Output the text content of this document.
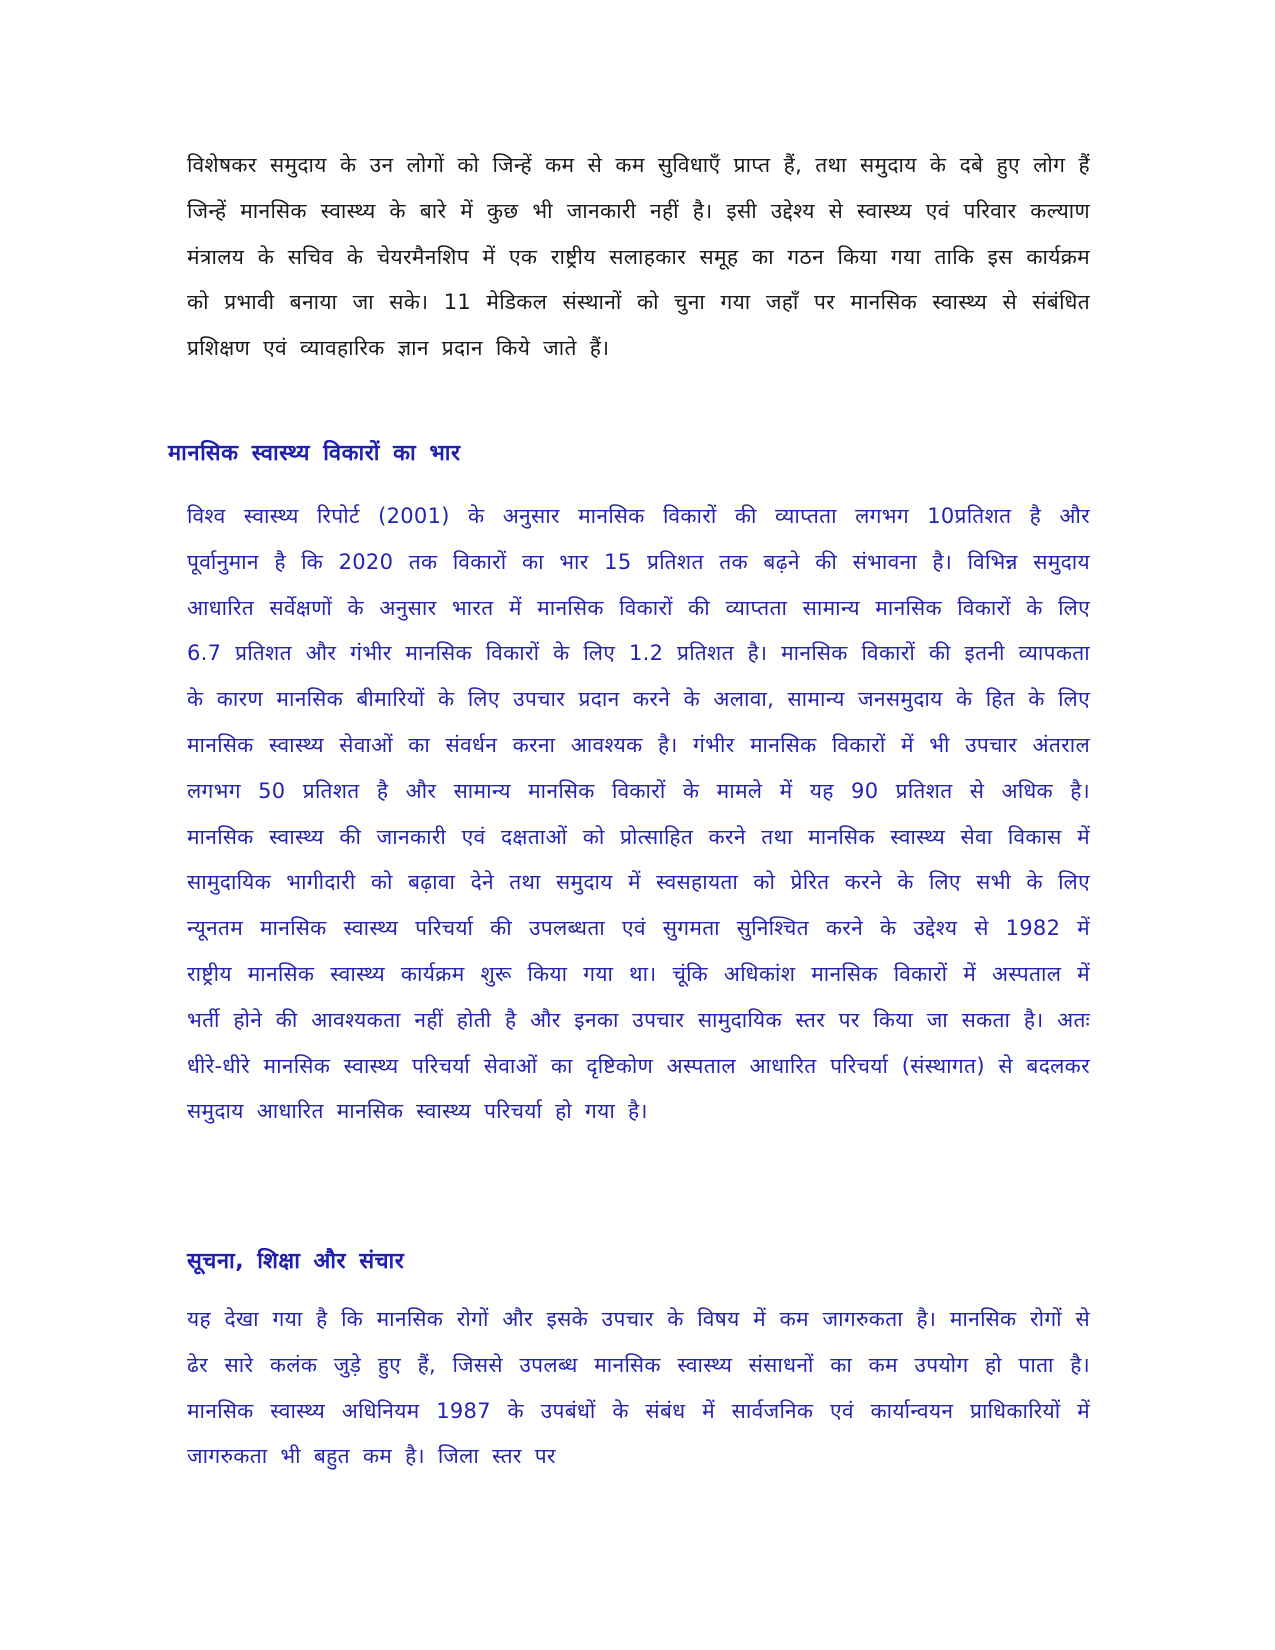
विशेषकर समुदाय के उन लोगों को जिन्हें कम से कम सुविधाएँ प्राप्त हैं, तथा समुदाय के दबे हुए लोग हैं जिन्हें मानसिक स्वास्थ्य के बारे में कुछ भी जानकारी नहीं है। इसी उद्देश्य से स्वास्थ्य एवं परिवार कल्याण मंत्रालय के सचिव के चेयरमैनशिप में एक राष्ट्रीय सलाहकार समूह का गठन किया गया ताकि इस कार्यक्रम को प्रभावी बनाया जा सके। 11 मेडिकल संस्थानों को चुना गया जहाँ पर मानसिक स्वास्थ्य से संबंधित प्रशिक्षण एवं व्यावहारिक ज्ञान प्रदान किये जाते हैं।

मानसिक स्वास्थ्य विकारों का भार

विश्व स्वास्थ्य रिपोर्ट (2001) के अनुसार मानसिक विकारों की व्याप्तता लगभग 10प्रतिशत है और पूर्वानुमान है कि 2020 तक विकारों का भार 15 प्रतिशत तक बढ़ने की संभावना है। विभिन्न समुदाय आधारित सर्वेक्षणों के अनुसार भारत में मानसिक विकारों की व्याप्तता सामान्य मानसिक विकारों के लिए 6.7 प्रतिशत और गंभीर मानसिक विकारों के लिए 1.2 प्रतिशत है। मानसिक विकारों की इतनी व्यापकता के कारण मानसिक बीमारियों के लिए उपचार प्रदान करने के अलावा, सामान्य जनसमुदाय के हित के लिए मानसिक स्वास्थ्य सेवाओं का संवर्धन करना आवश्यक है। गंभीर मानसिक विकारों में भी उपचार अंतराल लगभग 50 प्रतिशत है और सामान्य मानसिक विकारों के मामले में यह 90 प्रतिशत से अधिक है। मानसिक स्वास्थ्य की जानकारी एवं दक्षताओं को प्रोत्साहित करने तथा मानसिक स्वास्थ्य सेवा विकास में सामुदायिक भागीदारी को बढ़ावा देने तथा समुदाय में स्वसहायता को प्रेरित करने के लिए सभी के लिए न्यूनतम मानसिक स्वास्थ्य परिचर्या की उपलब्धता एवं सुगमता सुनिश्चित करने के उद्देश्य से 1982 में राष्ट्रीय मानसिक स्वास्थ्य कार्यक्रम शुरू किया गया था। चूंकि अधिकांश मानसिक विकारों में अस्पताल में भर्ती होने की आवश्यकता नहीं होती है और इनका उपचार सामुदायिक स्तर पर किया जा सकता है। अतः धीरे-धीरे मानसिक स्वास्थ्य परिचर्या सेवाओं का दृष्टिकोण अस्पताल आधारित परिचर्या (संस्थागत) से बदलकर समुदाय आधारित मानसिक स्वास्थ्य परिचर्या हो गया है।

सूचना, शिक्षा और संचार

यह देखा गया है कि मानसिक रोगों और इसके उपचार के विषय में कम जागरुकता है। मानसिक रोगों से ढेर सारे कलंक जुड़े हुए हैं, जिससे उपलब्ध मानसिक स्वास्थ्य संसाधनों का कम उपयोग हो पाता है। मानसिक स्वास्थ्य अधिनियम 1987 के उपबंधों के संबंध में सार्वजनिक एवं कार्यान्वयन प्राधिकारियों में जागरुकता भी बहुत कम है। जिला स्तर पर
